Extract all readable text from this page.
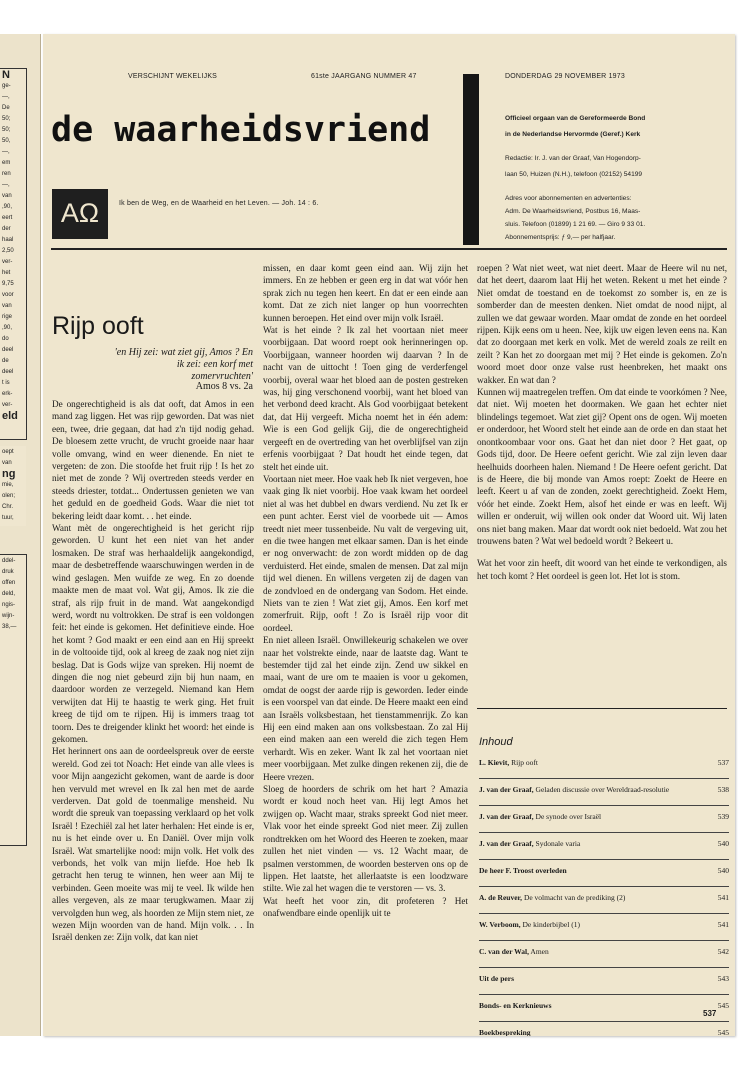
N
ge-
—,
De
50;
50;
50,
—,
em
ren
—,
van
,90,
eert
der
haal
2,50
ver-
het
9,75
voor
van
rige
,90,
do
deel
de
deel
t is
erk-
ver-
eld
oept
van
ng
mie,
olen;
Chr.
tuur,
ddel-
druk
offen
deld,
ngis-
wijn-
38,—
VERSCHIJNT WEKELIJKS	61ste JAARGANG NUMMER 47	DONDERDAG 29 NOVEMBER 1973
de waarheidsvriend	Officieel orgaan van de Gereformeerde Bond
in de Nederlandse Hervormde (Geref.) Kerk
Redactie: Ir. J. van der Graaf, Van Hogendorp-
laan 50, Huizen (N.H.), telefoon (02152) 54199
Adres voor abonnementen en advertenties:
Adm. De Waarheidsvriend, Postbus 16, Maas-
sluis. Telefoon (01899) 1 21 69. — Giro 9 33 01.
Abonnementsprijs: ƒ 9,— per halfjaar.
AΩ	Ik ben de Weg, en de Waarheid en het Leven. — Joh. 14 : 6.
Rijp ooft
'en Hij zei: wat ziet gij, Amos ? En ik zei: een korf met zomervruchten'
Amos 8 vs. 2a

De ongerechtigheid is als dat ooft, dat Amos in een mand zag liggen. Het was rijp geworden. Dat was niet een, twee, drie gegaan, dat had z'n tijd nodig gehad. De bloesem zette vrucht, de vrucht groeide naar haar volle omvang, wind en weer dienende. En niet te vergeten: de zon. Die stoofde het fruit rijp ! Is het zo niet met de zonde ? Wij overtreden steeds verder en steeds driester, totdat... Ondertussen genieten we van het geduld en de goedheid Gods. Waar die niet tot bekering leidt daar komt. . . het einde.

Want mèt de ongerechtigheid is het gericht rijp geworden. U kunt het een niet van het ander losmaken. De straf was herhaaldelijk aangekondigd, maar de desbetreffende waarschuwingen werden in de wind geslagen. Men wuifde ze weg. En zo doende maakte men de maat vol. Wat gij, Amos. Ik zie die straf, als rijp fruit in de mand. Wat aangekondigd werd, wordt nu voltrokken. De straf is een voldongen feit: het einde is gekomen. Het definitieve einde. Hoe het komt ? God maakt er een eind aan en Hij spreekt in de voltooide tijd, ook al kreeg de zaak nog niet zijn beslag. Dat is Gods wijze van spreken. Hij noemt de dingen die nog niet gebeurd zijn bij hun naam, en daardoor worden ze verzegeld. Niemand kan Hem verwijten dat Hij te haastig te werk ging. Het fruit kreeg de tijd om te rijpen. Hij is immers traag tot toorn. Des te dreigender klinkt het woord: het einde is gekomen.

Het herinnert ons aan de oordeelspreuk over de eerste wereld. God zei tot Noach: Het einde van alle vlees is voor Mijn aangezicht gekomen, want de aarde is door hen vervuld met wrevel en Ik zal hen met de aarde verderven. Dat gold de toenmalige mensheid. Nu wordt die spreuk van toepassing verklaard op het volk Israël ! Ezechiël zal het later herhalen: Het einde is er, nu is het einde over u. En Daniël. Over mijn volk Israël. Wat smartelijke nood: mijn volk. Het volk des verbonds, het volk van mijn liefde. Hoe heb Ik getracht hen terug te winnen, hen weer aan Mij te verbinden. Geen moeite was mij te veel. Ik wilde hen alles vergeven, als ze maar terugkwamen. Maar zij vervolgden hun weg, als hoorden ze Mijn stem niet, ze wezen Mijn woorden van de hand. Mijn volk. . . In Israël denken ze: Zijn volk, dat kan niet

missen, en daar komt geen eind aan. Wij zijn het immers. En ze hebben er geen erg in dat wat vóór hen sprak zich nu tegen hen keert. En dat er een einde aan komt. Dat ze zich niet langer op hun voorrechten kunnen beroepen. Het eind over mijn volk Israël.

Wat is het einde ? Ik zal het voortaan niet meer voorbijgaan. Dat woord roept ook herinneringen op. Voorbijgaan, wanneer hoorden wij daarvan ? In de nacht van de uittocht ! Toen ging de verderfengel voorbij, overal waar het bloed aan de posten gestreken was, hij ging verschonend voorbij, want het bloed van het verbond deed kracht. Als God voorbijgaat betekent dat, dat Hij vergeeft. Micha noemt het in één adem: Wie is een God gelijk Gij, die de ongerechtigheid vergeeft en de overtreding van het overblijfsel van zijn erfenis voorbijgaat ? Dat houdt het einde tegen, dat stelt het einde uit.

Voortaan niet meer. Hoe vaak heb Ik niet vergeven, hoe vaak ging Ik niet voorbij. Hoe vaak kwam het oordeel niet al was het dubbel en dwars verdiend. Nu zet Ik er een punt achter. Eerst viel de voorbede uit — Amos treedt niet meer tussenbeide. Nu valt de vergeving uit, en die twee hangen met elkaar samen. Dan is het einde er nog onverwacht: de zon wordt midden op de dag verduisterd. Het einde, smalen de mensen. Dat zal mijn tijd wel dienen. En willens vergeten zij de dagen van de zondvloed en de ondergang van Sodom. Het einde. Niets van te zien ! Wat ziet gij, Amos. Een korf met zomerfruit. Rijp, ooft ! Zo is Israël rijp voor dit oordeel.

En niet alleen Israël. Onwillekeurig schakelen we over naar het volstrekte einde, naar de laatste dag. Want te bestemder tijd zal het einde zijn. Zend uw sikkel en maai, want de ure om te maaien is voor u gekomen, omdat de oogst der aarde rijp is geworden. Ieder einde is een voorspel van dat einde. De Heere maakt een eind aan Israëls volksbestaan, het tienstammenrijk. Zo kan Hij een eind maken aan ons volksbestaan. Zo zal Hij een eind maken aan een wereld die zich tegen Hem verhardt. Wis en zeker. Want Ik zal het voortaan niet meer voorbijgaan. Met zulke dingen rekenen zij, die de Heere vrezen.

Sloeg de hoorders de schrik om het hart ? Amazia wordt er koud noch heet van. Hij legt Amos het zwijgen op. Wacht maar, straks spreekt God niet meer. Vlak voor het einde spreekt God niet meer. Zij zullen rondtrekken om het Woord des Heeren te zoeken, maar zullen het niet vinden — vs. 12 Wacht maar, de psalmen verstommen, de woorden besterven ons op de lippen. Het laatste, het allerlaatste is een loodzware stilte. Wie zal het wagen die te verstoren — vs. 3.

Wat heeft het voor zin, dit profeteren ? Het onafwendbare einde openlijk uit te

roepen ? Wat niet weet, wat niet deert. Maar de Heere wil nu net, dat het deert, daarom laat Hij het weten. Rekent u met het einde ? Niet omdat de toestand en de toekomst zo somber is, en ze is somberder dan de meesten denken. Niet omdat de nood nijpt, al zullen we dat gewaar worden. Maar omdat de zonde en het oordeel rijpen. Kijk eens om u heen. Nee, kijk uw eigen leven eens na. Kan dat zo doorgaan met kerk en volk. Met de wereld zoals ze reilt en zeilt ? Kan het zo doorgaan met mij ? Het einde is gekomen. Zo'n woord moet door onze valse rust heenbreken, het maakt ons wakker. En wat dan ?

Kunnen wij maatregelen treffen. Om dat einde te voorkómen ? Nee, dat niet. Wij moeten het doormaken. We gaan het echter niet blindelings tegemoet. Wat ziet gij? Opent ons de ogen. Wij moeten er onderdoor, het Woord stelt het einde aan de orde en dan staat het onontkoombaar voor ons. Gaat het dan niet door ? Het gaat, op Gods tijd, door. De Heere oefent gericht. Wie zal zijn leven daar heelhuids doorheen halen. Niemand ! De Heere oefent gericht. Dat is de Heere, die bij monde van Amos roept: Zoekt de Heere en leeft. Keert u af van de zonden, zoekt gerechtigheid. Zoekt Hem, vóór het einde. Zoekt Hem, alsof het einde er was en leeft. Wij willen er onderuit, wij willen ook onder dat Woord uit. Wij laten ons niet bang maken. Maar dat wordt ook niet bedoeld. Wat zou het trouwens baten ? Wat wel bedoeld wordt ? Bekeert u.

Wat het voor zin heeft, dit woord van het einde te verkondigen, als het toch komt ? Het oordeel is geen lot. Het lot is stom.

Inhoud
L. Kievit, Rijp ooft	537
J. van der Graaf, Geladen discussie over Wereldraad-resolutie	538
J. van der Graaf, De synode over Israël	539
J. van der Graaf, Sydonale varia	540
De heer F. Troost overleden	540
A. de Reuver, De volmacht van de prediking (2)	541
W. Verboom, De kinderbijbel (1)	541
C. van der Wal, Amen	542
Uit de pers	543
Bonds- en Kerknieuws	545
Boekbespreking	545
537
